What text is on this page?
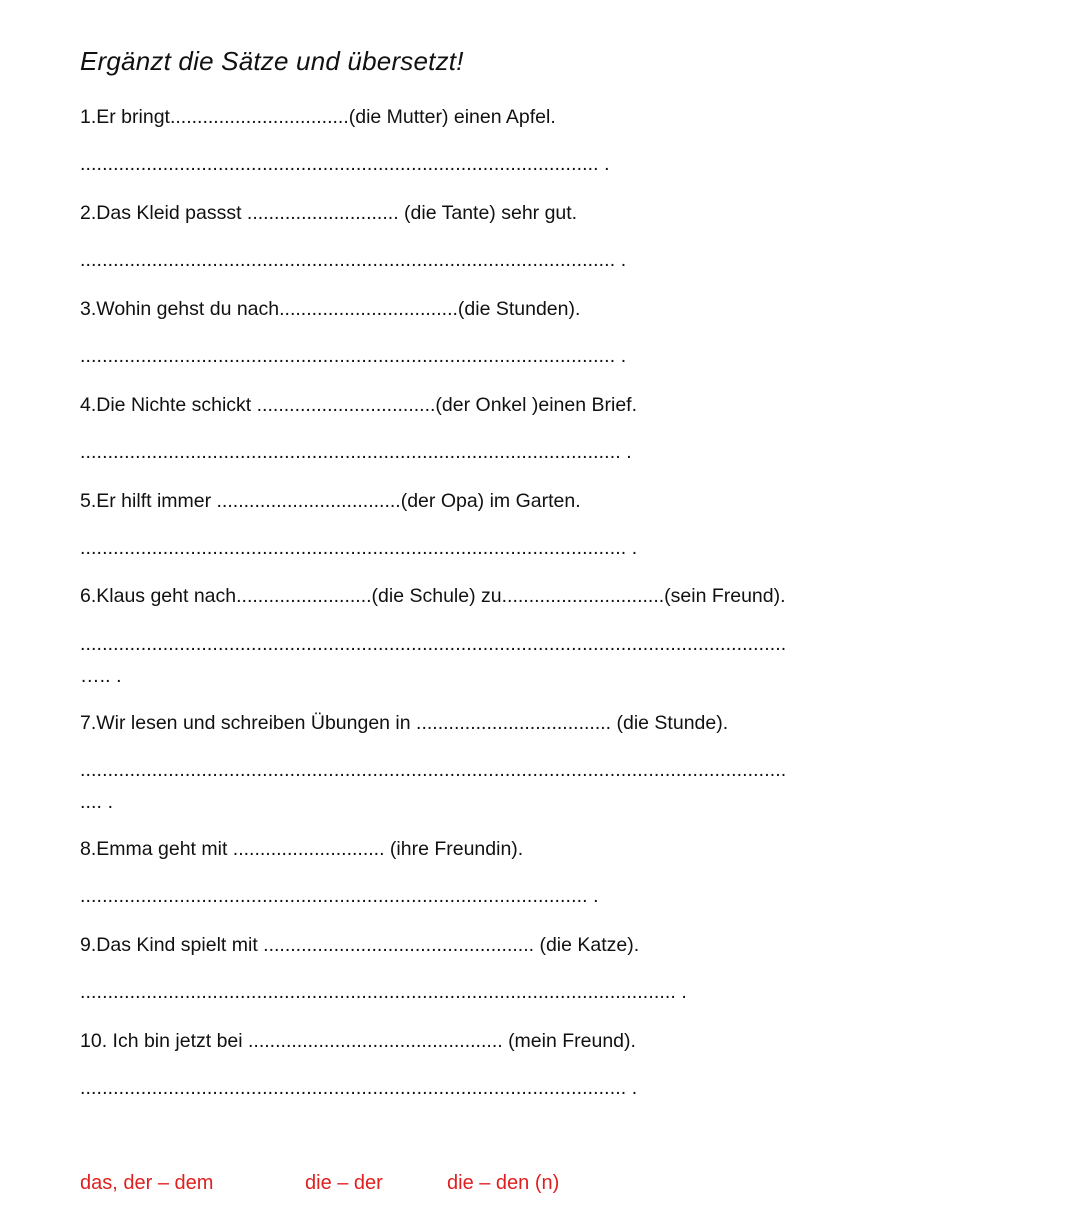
Ergänzt die Sätze und übersetzt!
1.Er bringt.................................(die Mutter) einen Apfel.
.............................................................................................. .
2.Das Kleid passst ............................ (die Tante) sehr gut.
................................................................................................. .
3.Wohin gehst du nach.................................(die Stunden).
................................................................................................. .
4.Die Nichte schickt .................................(der Onkel )einen Brief.
.................................................................................................. .
5.Er hilft immer ..................................(der Opa) im Garten.
................................................................................................... .
6.Klaus geht nach.........................(die Schule) zu..............................(sein Freund).
................................................................................................................................
….. .
7.Wir lesen und schreiben Übungen in .................................... (die Stunde).
................................................................................................................................
.... .
8.Emma geht mit ............................ (ihre Freundin).
............................................................................................ .
9.Das Kind spielt mit .................................................. (die Katze).
............................................................................................................ .
10. Ich bin jetzt bei ............................................... (mein Freund).
................................................................................................... .
das, der – dem	die – der	die – den (n)
